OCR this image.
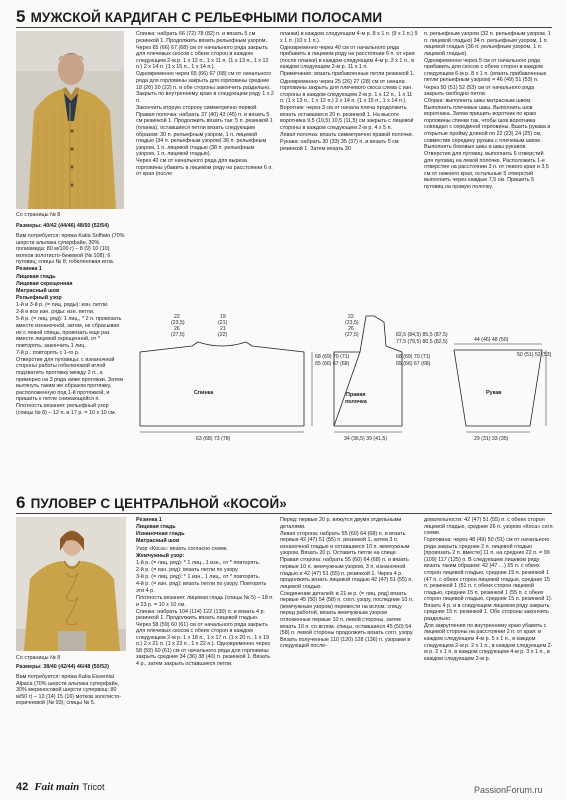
5 МУЖСКОЙ КАРДИГАН С РЕЛЬЕФНЫМИ ПОЛОСАМИ

Со страницы № 8

Размеры: 40/42 (44/46) 48/50 (52/54)

Вам потребуется: пряжа Katia Soffiato (70% шерсти альпака суперфайн, 30% полиамида: 80 м/100 г) – 8 (9) 10 (10) мотков золотисто-бежевой (№ 108); 6 пуговиц; спицы № 8; гобеленовая игла.

Резинка 1

Лицевая гладь

Лицевая скрещенная

Матрасный шов

Рельефный узор

1-й и 3-й р. (= лиц. ряды): изн. петли.

2-й и все изн. ряды: изн. петли.

5-й р. (= лиц. ряд): 1 лиц., * 2 п. провязать вместе изнаночной, затем, не сбрасывая их с левой спицы, провязать еще раз вместе лицевой скрещенной, от * повторять, закончить 1 лиц.

7-й р.: повторять с 1-го р.

Отверстие для пуговицы: с изнаночной стороны работы гобеленовой иглой подхватить протяжку между 2 п., а примерно на 3 ряда ниже протяжки. Затем вытянуть таким же образом протяжку, расположенную под 1-й протяжкой, и пришить к петле снижающейся п.

Плотность вязания: рельефный узор (спицы № 8) – 12 п. и 17 р. = 10 х 10 см.

Спинка: набрать 66 (72) 78 (82) п. и вязать 5 см резинкой 1. Продолжить вязать рельефным узором.

Через 65 (66) 67 (68) см от начального ряда закрыть для плечевых скосов с обеих сторон в каждом следующем 2-м р. 1 х 12 п., 1 х 11 п. (1 х 13 п., 1 х 12 п.) 2 х 14 п. (1 х 15 п., 1 х 14 п.).

Одновременно через 65 (66) 67 (68) см от начального ряда для горловины закрыть для горловины средние 18 (20) 20 (22) п. и обе стороны закончить раздельно. Закрыть по внутреннему краю в следующем ряду 1 х 2 п.

Закончить вторую сторону симметрично первой.

Правая полочка: набрать 37 (40) 43 (45) п. и вязать 5 см резинкой 1. Продолжить вязать так: 5 п. резинкой 1 (планка), оставшиеся петли вязать следующим образом: 30 п. рельефным узором, 1 п. лицевой гладью (34 п. рельефным узором) 36 п. рельефным узором, 1 п. лицевой гладью (38 п. рельефным узором, 1 п. лицевой гладью).

Через 40 см от начального ряда для выреза горловины убавить в лицевом ряду на расстоянии 6 п. от края (после

планки) в каждом следующем 4-м р. 8 х 1 п. (9 х 1 п.) 9 х 1 п. (10 х 1 п.).

Одновременно через 40 см от начального ряда прибавить в лицевом ряду на расстоянии 6 п. от края (после планки) в каждом следующем 4-м р. 3 х 1 п., в каждом следующем 2-м р. 11 х 1 п.

Примечание: вязать прибавленные петли резинкой 1.

Одновременно через 25 (26) 27 (28) см от начала горловины закрыть для плечевого скоса слева с изн. стороны в каждом следующем 2-м р. 1 х 12 п., 1 х 11 п. (1 х 13 п., 1 х 12 п.) 2 х 14 п. (1 х 15 п., 1 х 14 п.).

Воротник: через 3 см от начала плеча продолжить вязать оставшиеся 20 п. резинкой 1. На высоте воротника 9,5 (10,5) 10,5 (11,5) см закрыть с лицевой стороны в каждом следующем 2-м р. 4 х 5 п.

Левая полочка: вязать симметрично правой полочке.

Рукава: набрать 30 (33) 35 (37) п. и вязать 5 см резинкой 1. Затем вязать 30

п. рельефным узором (32 п. рельефным узором, 1 п. лицевой гладью) 34 п. рельефным узором, 1 п. лицевой гладью (36 п. рельефным узором, 1 п. лицевой гладью).

Одновременно через 5 см от начального ряда прибавить для скосов с обеих сторон в каждом следующем 6-м р. 8 х 1 п. (вязать прибавленные петли рельефным узором) = 46 (49) 51 (53) п.

Через 50 (51) 52 (53) см от начального ряда закрыть свободно петли.

Сборка: выполнить швы матрасным швом. Выполнить плечевые швы. Выполнить шов воротника. Затем пришить воротник по краю горловины спинки так, чтобы шов воротника совпадал с серединой горловины. Вшить рукава в открытые пройму длиной по 22 (23) 24 (25) см, совместив середину рукава с плечевым швом. Выполнить боковые швы и швы рукавов.

Отверстия для пуговиц: выполнить 6 отверстий для пуговиц на левой полочке. Расположить 1-е отверстие на расстоянии 3 п. от левого края и 3,5 см от нижнего края, остальные 5 отверстий выполнить через каждые 7,5 см. Пришить 5 пуговиц на правую полочку.

Спинка
22
(23,5)
26
(27,5)
19
(21)
21
(22)
68 (69) 70 (71)
65 (66) 67 (68)
63 (68) 73 (78)
Правая полочка
22
(23,5)
26
(27,5)	82,5 (84,5) 85,5 (87,5)
77,5 (79,5) 80,5 (82,5)
68 (69) 70 (71)
65 (66) 67 (68)
34 (36,5) 39 (41,5)
44 (46) 48 (50)
Рукав
50 (51) 52 (53)
29 (31) 33 (35)
6 ПУЛОВЕР С ЦЕНТРАЛЬНОЙ «КОСОЙ»

Со страницы № 8

Размеры: 38/40 (42/44) 46/48 (50/52)

Вам потребуется: пряжа Katia Essential Alpaca (70% шерсти альпака суперфайн, 30% мериносовой шерсти супервош: 80 м/50 г) – 13 (14) 15 (16) мотков золотисто-коричневой (№ 93); спицы № 5.

Резинка 1

Лицевая гладь

Изнаночная гладь

Матрасный шов

Узор «Коса»: вязать согласно схеме.

Жемчужный узор:

1-й р. (= лиц. ряд): * 1 лиц., 1 изн., от * повторять.

2-й р. (= изн. ряд): вязать петли по узору.

3-й р. (= лиц. ряд): * 1 изн., 1 лиц., от * повторять.

4-й р. (= изн. ряд): вязать петли по узору. Повторять эти 4 р.

Плотность вязания: лицевая гладь (спицы № 5) – 18 п. и 23 р. = 10 х 10 см.

Спинка: набрать 104 (114) 122 (130) п. и вязать 4 р. резинкой 1. Продолжить вязать лицевой гладью. Через 58 (59) 60 (61) см от начального ряда закрыть для плечевых скосов с обеих сторон в каждом следующем 2-м р. 1 х 18 п., 1 х 17 п. (1 х 20 п., 1 х 19 п.) 2 х 21 п. (1 х 23 п., 1 х 22 п.). Одновременно через 58 (59) 60 (61) см от начального ряда для горловины закрыть средние 34 (36) 38 (40) п. резинкой 1. Вязать 4 р., затем закрыть оставшиеся петли.

Перед: первые 20 р. вяжутся двумя отдельными деталями.

Левая сторона: набрать 55 (60) 64 (68) п. и вязать первые 42 (47) 51 (55) п. резинкой 1, затем 3 п. изнаночной гладью и оставшиеся 10 п. жемчужным узором. Вязать 20 р. Оставить петли на спице.

Правая сторона: набрать 55 (60) 64 (68) п. и вязать первые 10 п. жемчужным узором, 3 п. изнаночной гладью и 42 (47) 51 (55) п. резинкой 1. Через 4 р. продолжить вязать лицевой гладью 42 (47) 51 (55) п. лицевой гладью.

Соединение деталей: в 21-м р. (= лиц. ряд) вязать первые 45 (50) 54 (58) п. согл. узору, последние 10 п. (жемчужным узором) перевести на вспом. спицу перед работой, вязать жемчужным узором отложенные первые 10 п. левой стороны, затем вязать 10 п. со вспом. спицы, оставшиеся 45 (50) 54 (58) п. левой стороны продолжить вязать согл. узору. Вязать полученные 110 (120) 128 (136) п. узорами в следующей после-

довательности: 42 (47) 51 (55) п. с обеих сторон лицевой гладью, средние 26 п. узором «Коса» согл. схеме.

Горловина: через 48 (49) 50 (51) см от начального ряда закрыть средние 2 п. лицевой гладью [провязать 2 п. вместе] 11 п. на средних 22 п. = 99 (109) 117 (125) п. В следующем лицевом ряду вязать таким образом: 42 (47 …) 55 п. с обеих сторон лицевой гладью, средние 15 п. резинкой 1 (47 п. с обеих сторон лицевой гладью, средние 15 п. резинкой 1 (51 п. с обеих сторон лицевой гладью, средние 15 п. резинкой 1 (55 п. с обеих сторон лицевой гладью, средние 15 п. резинкой 1). Вязать 4 р. и в следующем лицевом ряду закрыть средние 15 п. резинкой 1. Обе стороны закончить раздельно.

Для закругления по внутреннему краю убавить с лицевой стороны на расстоянии 2 п. от края: в каждом следующем 4-м р. 5 х 1 п., в каждом следующем 2-м р. 2 х 1 п., в каждом следующем 2-м р. 2 х 1 п. в каждом следующем 4-м р. 3 х 1 п., в каждом следующем 2-м р.

42 Fait main Tricot	PassionForum.ru
